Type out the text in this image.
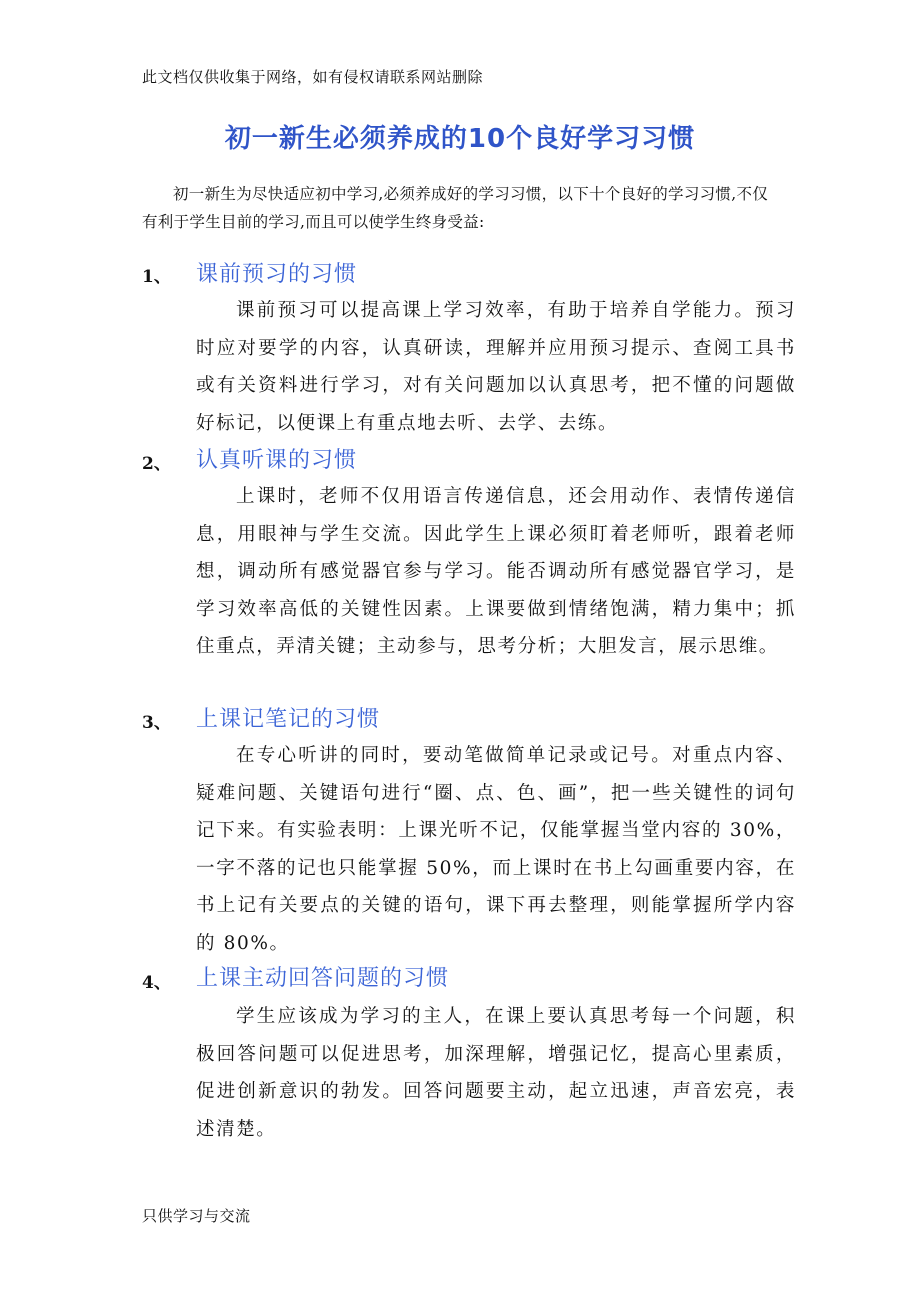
此文档仅供收集于网络，如有侵权请联系网站删除
初一新生必须养成的10个良好学习习惯
初一新生为尽快适应初中学习,必须养成好的学习习惯，以下十个良好的学习习惯,不仅有利于学生目前的学习,而且可以使学生终身受益:
1、 课前预习的习惯
课前预习可以提高课上学习效率，有助于培养自学能力。预习时应对要学的内容，认真研读，理解并应用预习提示、查阅工具书或有关资料进行学习，对有关问题加以认真思考，把不懂的问题做好标记，以便课上有重点地去听、去学、去练。
2、 认真听课的习惯
上课时，老师不仅用语言传递信息，还会用动作、表情传递信息，用眼神与学生交流。因此学生上课必须盯着老师听，跟着老师想，调动所有感觉器官参与学习。能否调动所有感觉器官学习，是学习效率高低的关键性因素。上课要做到情绪饱满，精力集中；抓住重点，弄清关键；主动参与，思考分析；大胆发言，展示思维。
3、 上课记笔记的习惯
在专心听讲的同时，要动笔做简单记录或记号。对重点内容、疑难问题、关键语句进行“圈、点、色、画”，把一些关键性的词句记下来。有实验表明：上课光听不记，仅能掌握当堂内容的 30%，一字不落的记也只能掌握 50%，而上课时在书上勾画重要内容，在书上记有关要点的关键的语句，课下再去整理，则能掌握所学内容的 80%。
4、 上课主动回答问题的习惯
学生应该成为学习的主人，在课上要认真思考每一个问题，积极回答问题可以促进思考，加深理解，增强记忆，提高心里素质，促进创新意识的勃发。回答问题要主动，起立迅速，声音宏亮，表述清楚。
只供学习与交流
